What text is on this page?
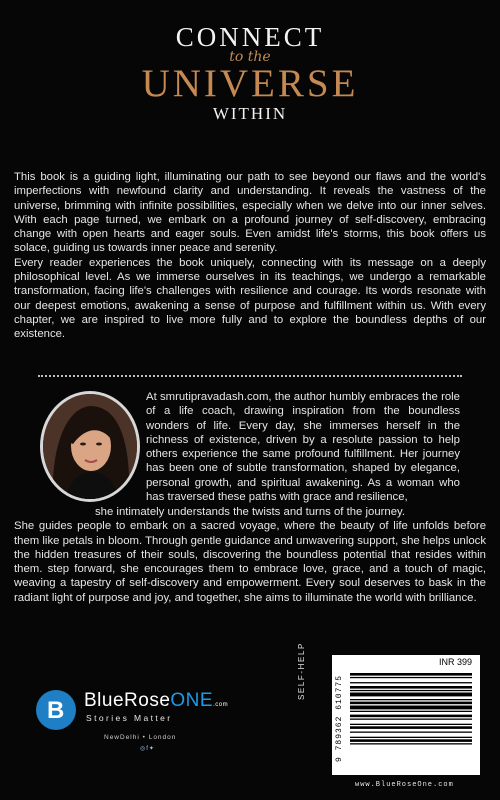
CONNECT
to the
UNIVERSE
WITHIN

This book is a guiding light, illuminating our path to see beyond our flaws and the world's imperfections with newfound clarity and understanding. It reveals the vastness of the universe, brimming with infinite possibilities, especially when we delve into our inner selves. With each page turned, we embark on a profound journey of self-discovery, embracing change with open hearts and eager souls. Even amidst life's storms, this book offers us solace, guiding us towards inner peace and serenity.

Every reader experiences the book uniquely, connecting with its message on a deeply philosophical level. As we immerse ourselves in its teachings, we undergo a remarkable transformation, facing life's challenges with resilience and courage. Its words resonate with our deepest emotions, awakening a sense of purpose and fulfillment within us. With every chapter, we are inspired to live more fully and to explore the boundless depths of our existence.

At smrutipravadash.com, the author humbly embraces the role of a life coach, drawing inspiration from the boundless wonders of life. Every day, she immerses herself in the richness of existence, driven by a resolute passion to help others experience the same profound fulfillment. Her journey has been one of subtle transformation, shaped by elegance, personal growth, and spiritual awakening. As a woman who has traversed these paths with grace and resilience,

she intimately understands the twists and turns of the journey.

She guides people to embark on a sacred voyage, where the beauty of life unfolds before them like petals in bloom. Through gentle guidance and unwavering support, she helps unlock the hidden treasures of their souls, discovering the boundless potential that resides within them. step forward, she encourages them to embrace love, grace, and a touch of magic, weaving a tapestry of self-discovery and empowerment. Every soul deserves to bask in the radiant light of purpose and joy, and together, she aims to illuminate the world with brilliance.

B BlueRoseONE.com
Stories Matter
NewDelhi • London
◎f✦
SELF-HELP	INR 399
9 789362 610775
www.BlueRoseOne.com
